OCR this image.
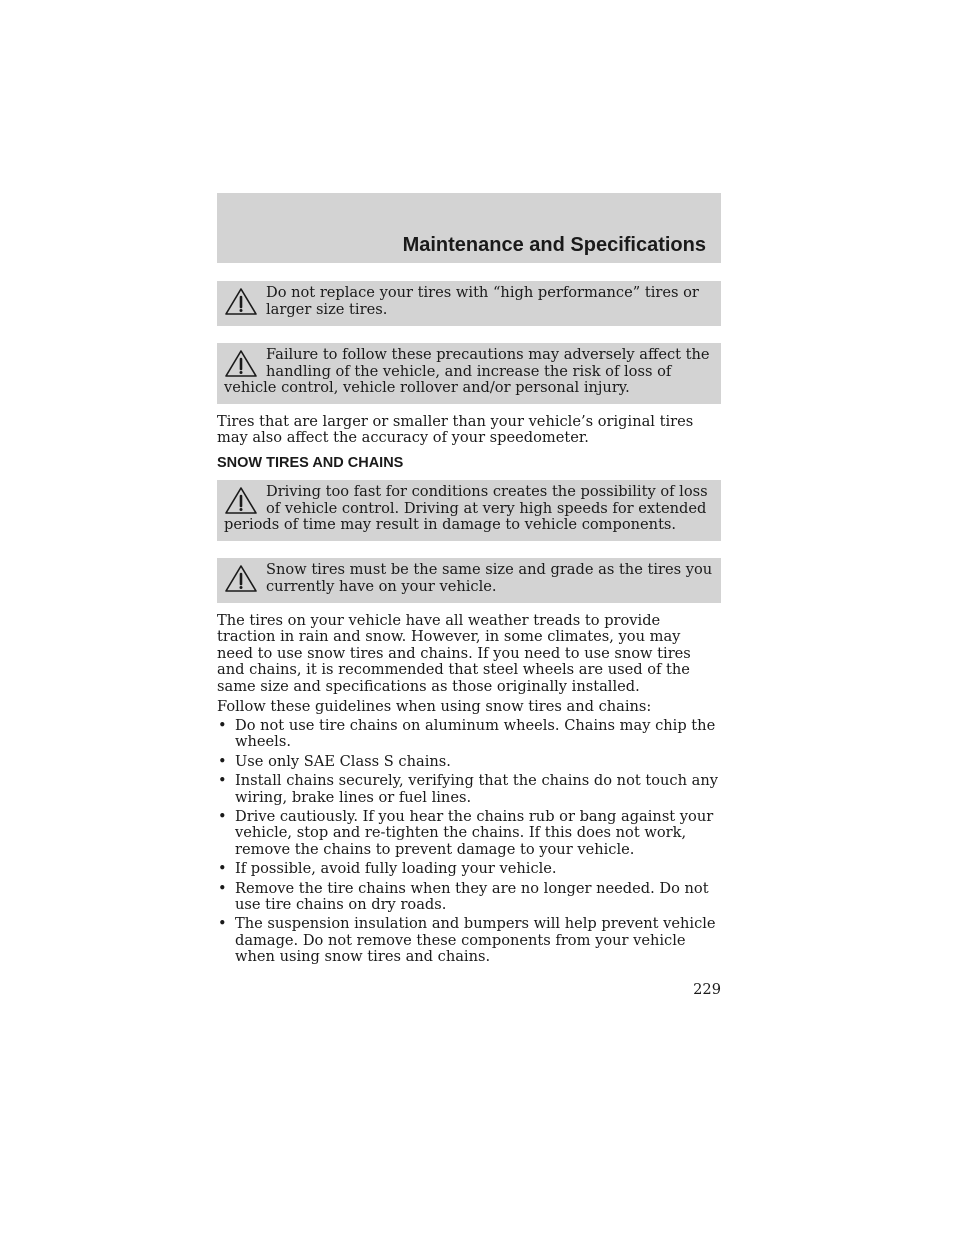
Maintenance and Specifications

Do not replace your tires with “high performance” tires or larger size tires.

Failure to follow these precautions may adversely affect the handling of the vehicle, and increase the risk of loss of vehicle control, vehicle rollover and/or personal injury.

Tires that are larger or smaller than your vehicle’s original tires may also affect the accuracy of your speedometer.

SNOW TIRES AND CHAINS

Driving too fast for conditions creates the possibility of loss of vehicle control. Driving at very high speeds for extended periods of time may result in damage to vehicle components.

Snow tires must be the same size and grade as the tires you currently have on your vehicle.

The tires on your vehicle have all weather treads to provide traction in rain and snow. However, in some climates, you may need to use snow tires and chains. If you need to use snow tires and chains, it is recommended that steel wheels are used of the same size and specifications as those originally installed.

Follow these guidelines when using snow tires and chains:

• Do not use tire chains on aluminum wheels. Chains may chip the wheels.
• Use only SAE Class S chains.
• Install chains securely, verifying that the chains do not touch any wiring, brake lines or fuel lines.
• Drive cautiously. If you hear the chains rub or bang against your vehicle, stop and re-tighten the chains. If this does not work, remove the chains to prevent damage to your vehicle.
• If possible, avoid fully loading your vehicle.
• Remove the tire chains when they are no longer needed. Do not use tire chains on dry roads.
• The suspension insulation and bumpers will help prevent vehicle damage. Do not remove these components from your vehicle when using snow tires and chains.
229
